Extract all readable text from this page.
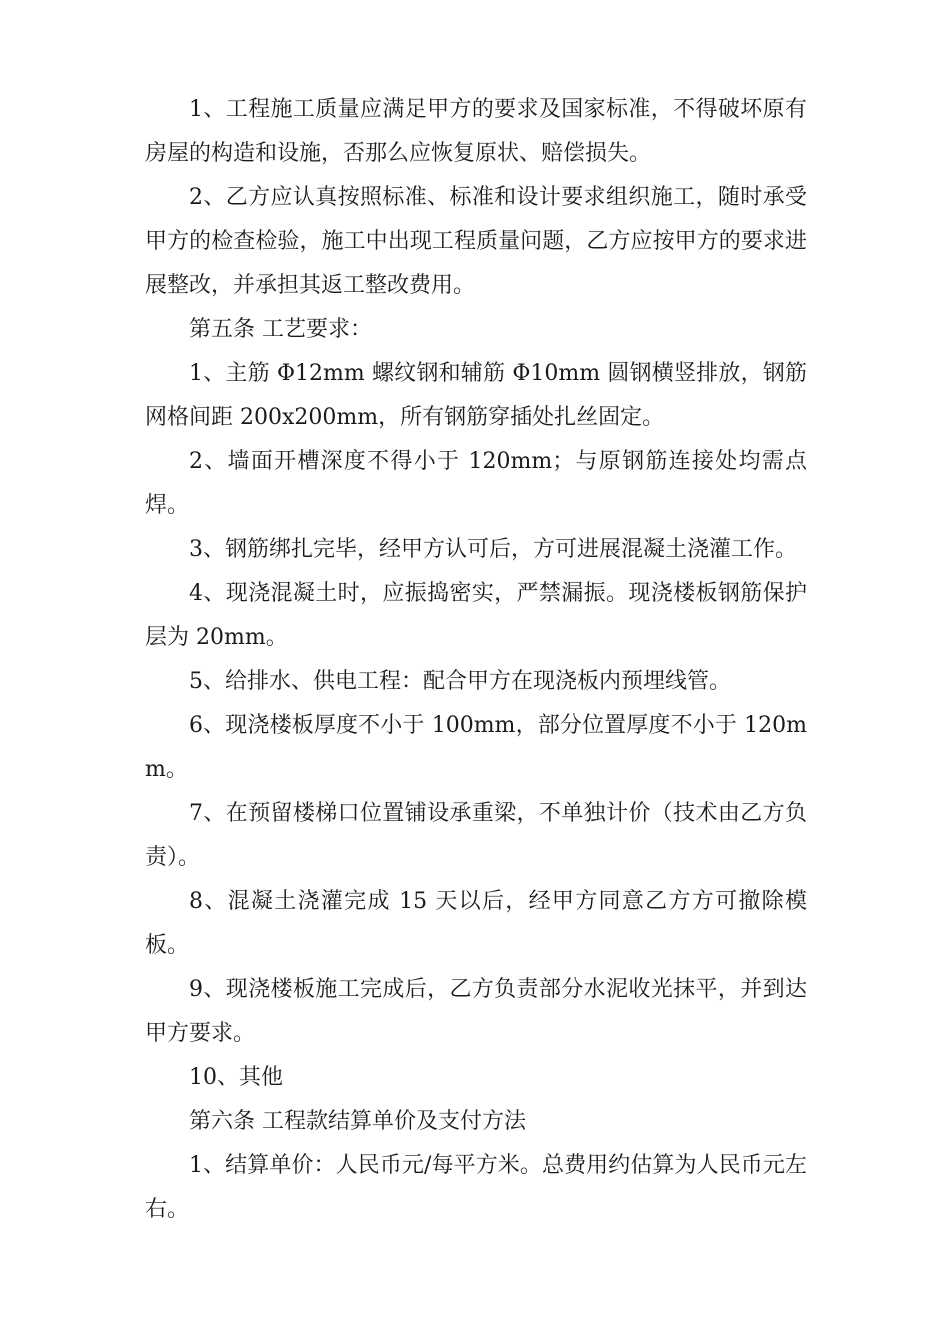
1、工程施工质量应满足甲方的要求及国家标准，不得破坏原有房屋的构造和设施，否那么应恢复原状、赔偿损失。

2、乙方应认真按照标准、标准和设计要求组织施工，随时承受甲方的检查检验，施工中出现工程质量问题，乙方应按甲方的要求进展整改，并承担其返工整改费用。

第五条 工艺要求：

1、主筋 Φ12mm 螺纹钢和辅筋 Φ10mm 圆钢横竖排放，钢筋网格间距 200x200mm，所有钢筋穿插处扎丝固定。

2、墙面开槽深度不得小于 120mm；与原钢筋连接处均需点焊。

3、钢筋绑扎完毕，经甲方认可后，方可进展混凝土浇灌工作。

4、现浇混凝土时，应振捣密实，严禁漏振。现浇楼板钢筋保护层为 20mm。

5、给排水、供电工程：配合甲方在现浇板内预埋线管。

6、现浇楼板厚度不小于 100mm，部分位置厚度不小于 120mm。

7、在预留楼梯口位置铺设承重梁，不单独计价（技术由乙方负责）。

8、混凝土浇灌完成 15 天以后，经甲方同意乙方方可撤除模板。

9、现浇楼板施工完成后，乙方负责部分水泥收光抹平，并到达甲方要求。

10、其他

第六条 工程款结算单价及支付方法

1、结算单价：人民币元/每平方米。总费用约估算为人民币元左右。
